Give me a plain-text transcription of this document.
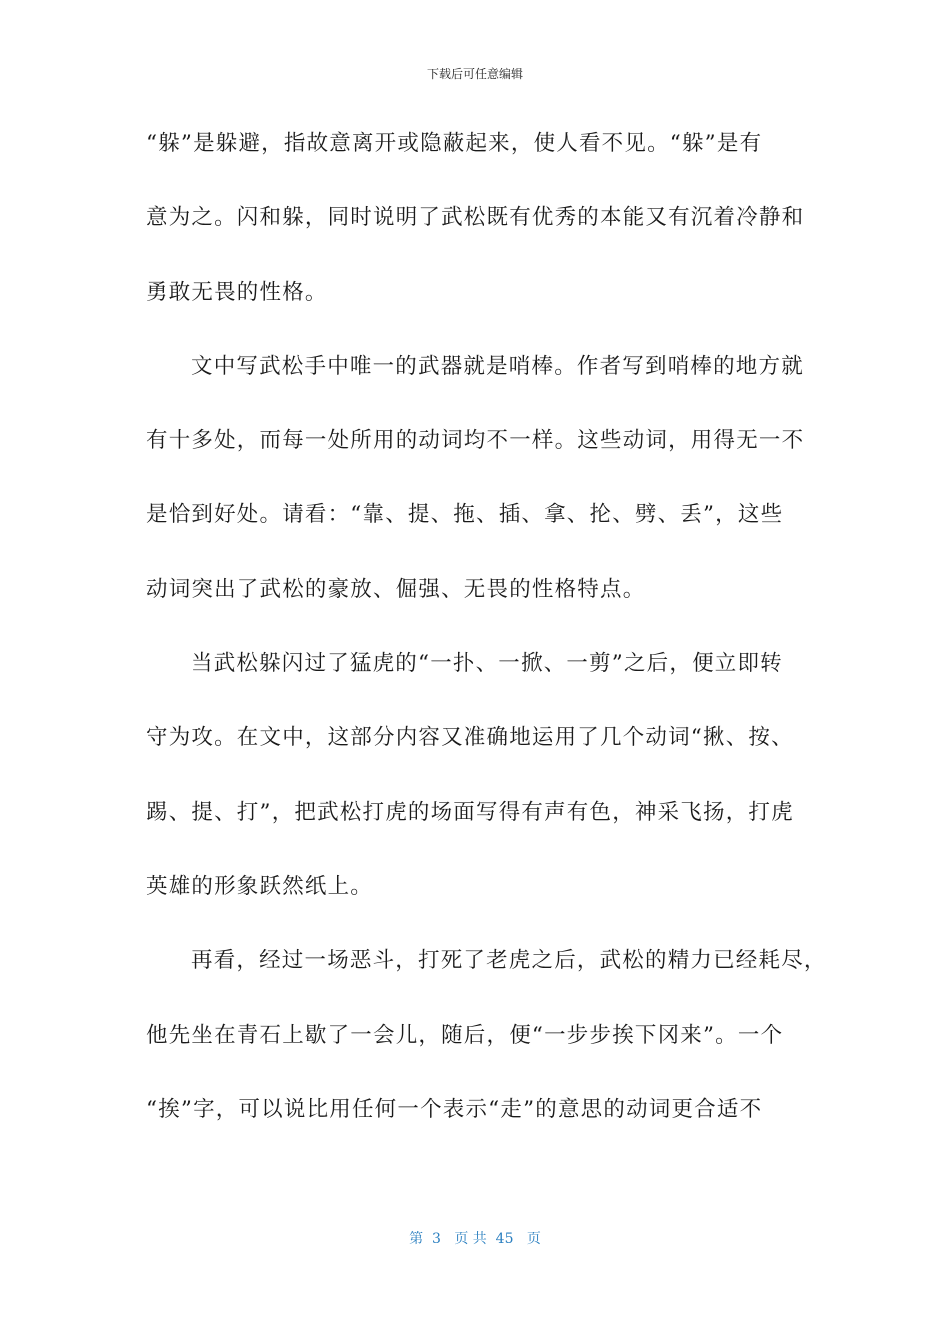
下载后可任意编辑
“躲”是躲避，指故意离开或隐蔽起来，使人看不见。“躲”是有
意为之。闪和躲，同时说明了武松既有优秀的本能又有沉着冷静和
勇敢无畏的性格。
文中写武松手中唯一的武器就是哨棒。作者写到哨棒的地方就
有十多处，而每一处所用的动词均不一样。这些动词，用得无一不
是恰到好处。请看：“靠、提、拖、插、拿、抡、劈、丢”，这些
动词突出了武松的豪放、倔强、无畏的性格特点。
当武松躲闪过了猛虎的“一扑、一掀、一剪”之后，便立即转
守为攻。在文中，这部分内容又准确地运用了几个动词“揪、按、
踢、提、打”，把武松打虎的场面写得有声有色，神采飞扬，打虎
英雄的形象跃然纸上。
再看，经过一场恶斗，打死了老虎之后，武松的精力已经耗尽，
他先坐在青石上歇了一会儿，随后，便“一步步挨下冈来”。一个
“挨”字，可以说比用任何一个表示“走”的意思的动词更合适不
第  3   页 共  45   页
